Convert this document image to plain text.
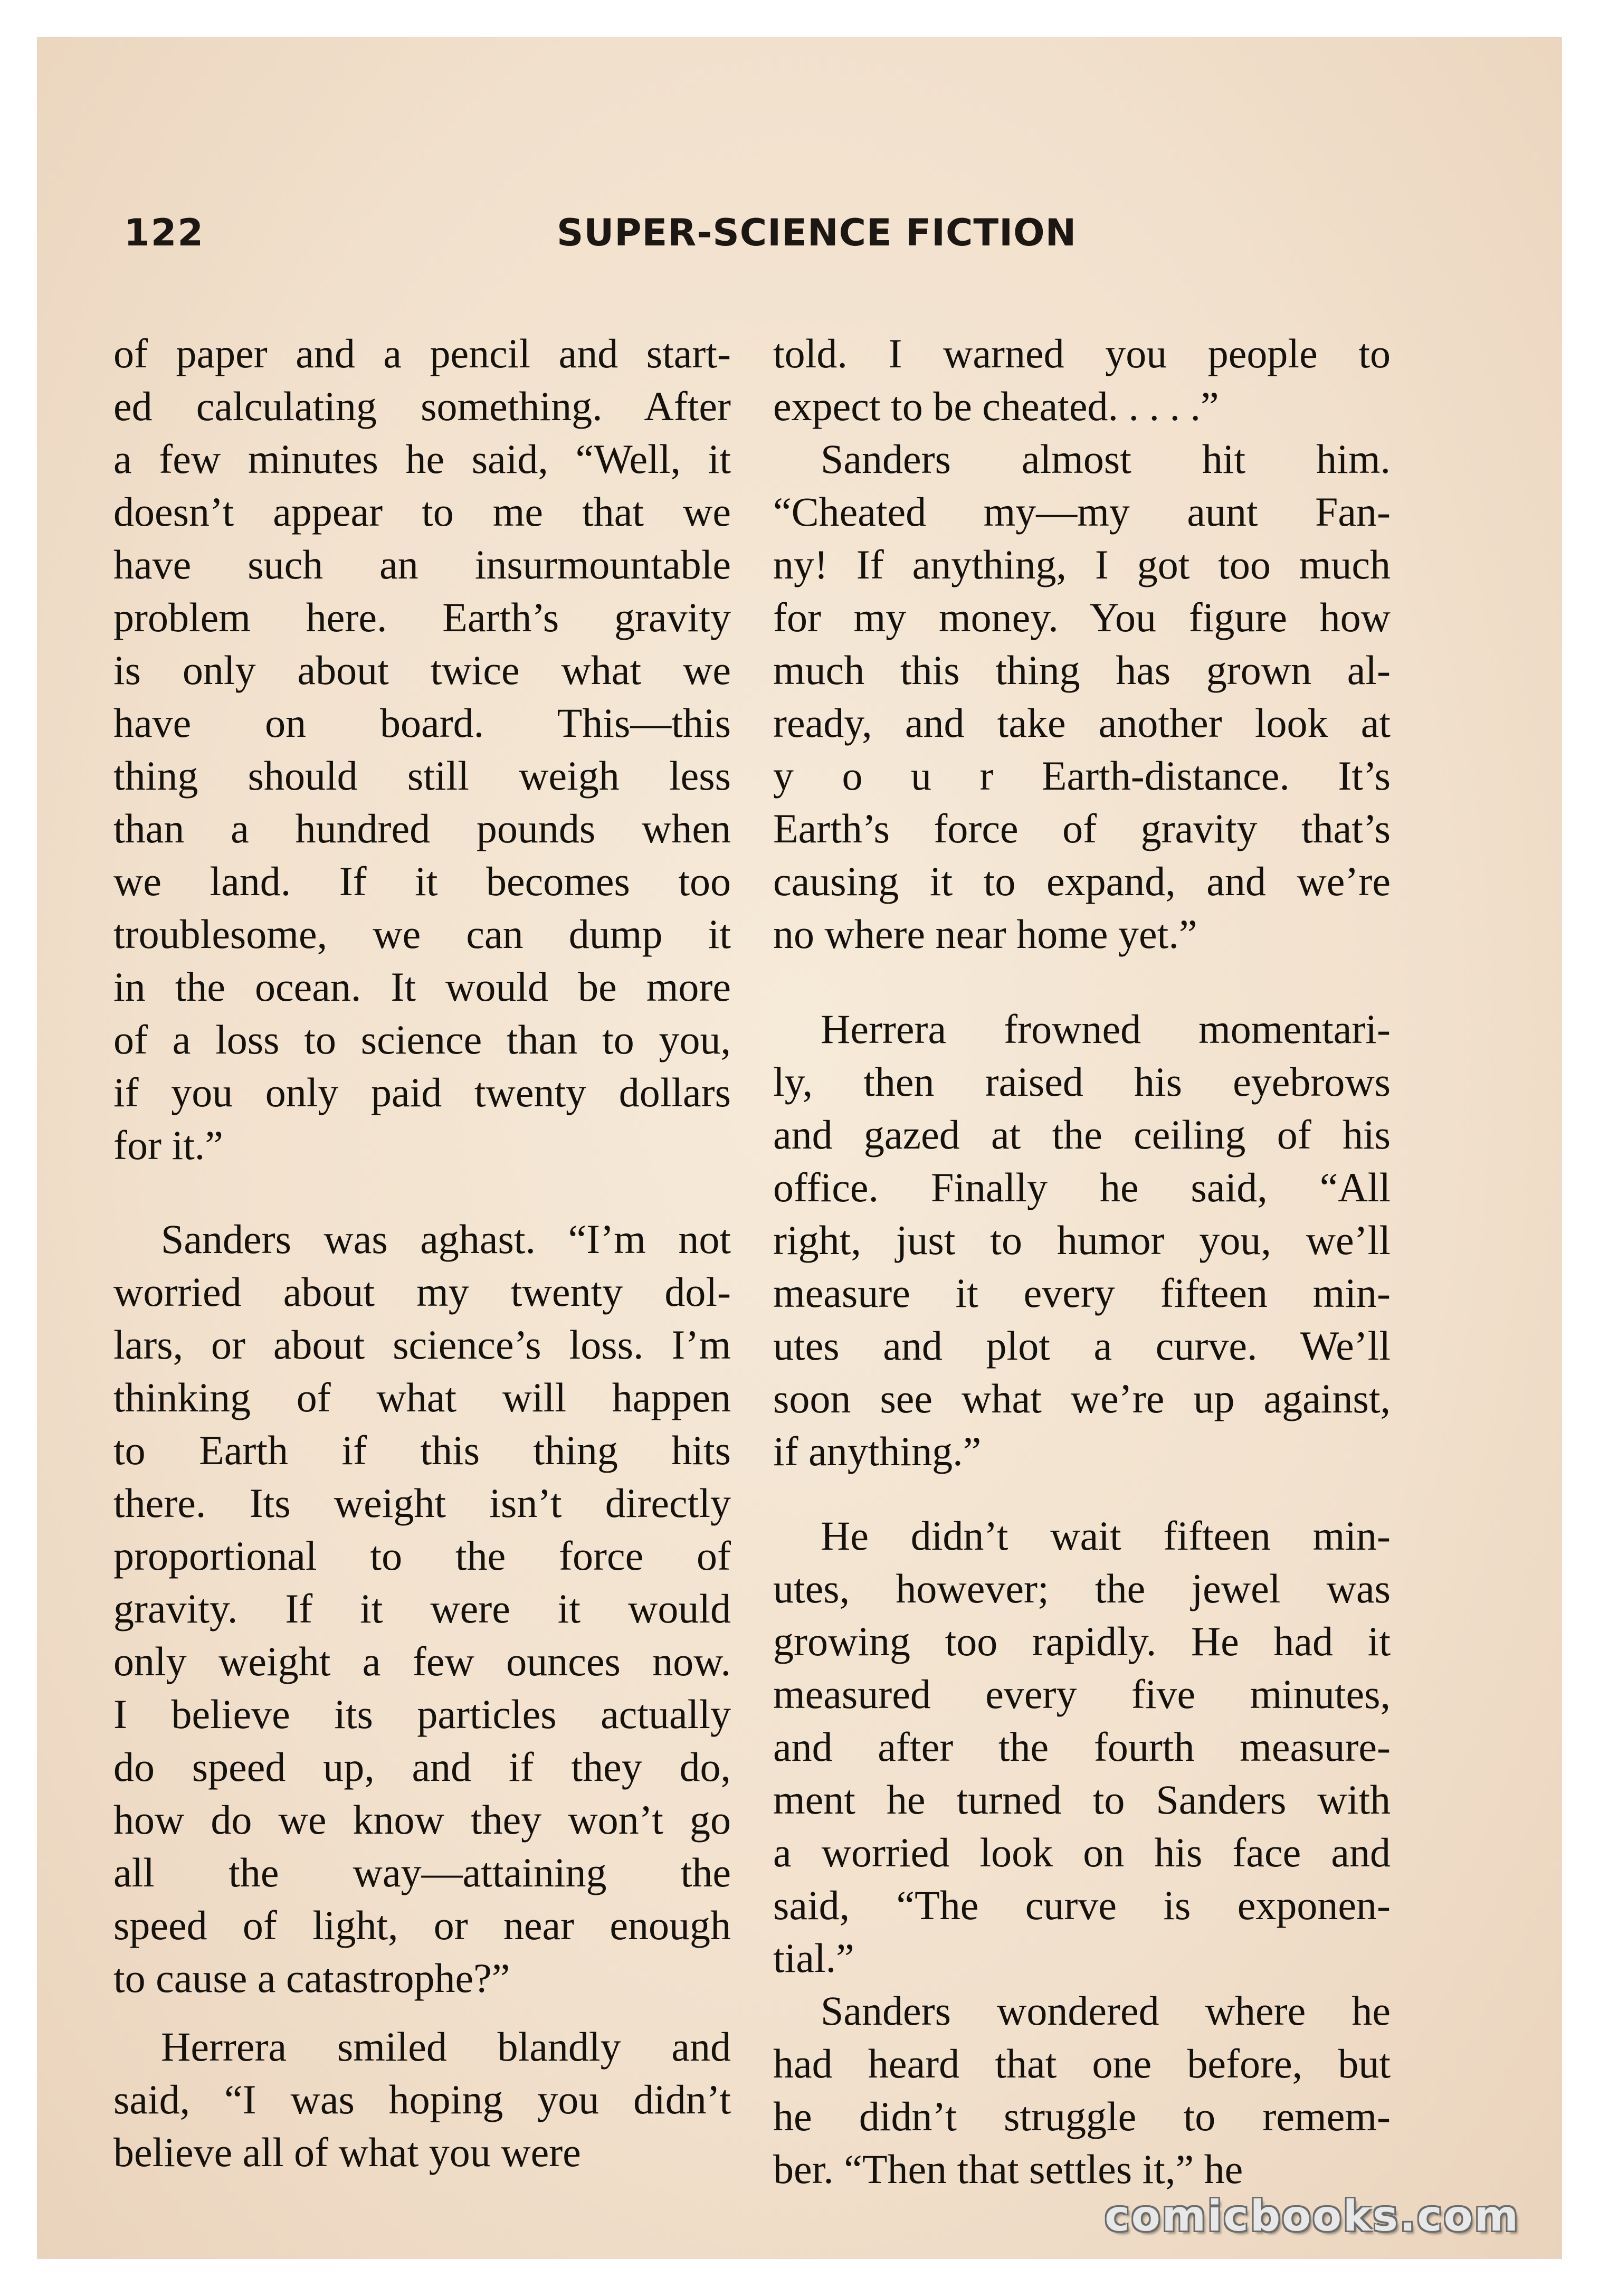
122	SUPER-SCIENCE FICTION

of paper and a pencil and start-
ed calculating something. After
a few minutes he said, “Well, it
doesn’t appear to me that we
have such an insurmountable
problem here. Earth’s gravity
is only about twice what we
have on board. This—this
thing should still weigh less
than a hundred pounds when
we land. If it becomes too
troublesome, we can dump it
in the ocean. It would be more
of a loss to science than to you,
if you only paid twenty dollars
for it.”

Sanders was aghast. “I’m not
worried about my twenty dol-
lars, or about science’s loss. I’m
thinking of what will happen
to Earth if this thing hits
there. Its weight isn’t directly
proportional to the force of
gravity. If it were it would
only weight a few ounces now.
I believe its particles actually
do speed up, and if they do,
how do we know they won’t go
all the way—attaining the
speed of light, or near enough
to cause a catastrophe?”

Herrera smiled blandly and
said, “I was hoping you didn’t
believe all of what you were

told. I warned you people to
expect to be cheated. . . . .”

Sanders almost hit him.
“Cheated my—my aunt Fan-
ny! If anything, I got too much
for my money. You figure how
much this thing has grown al-
ready, and take another look at
y o u r Earth-distance. It’s
Earth’s force of gravity that’s
causing it to expand, and we’re
no where near home yet.”

Herrera frowned momentari-
ly, then raised his eyebrows
and gazed at the ceiling of his
office. Finally he said, “All
right, just to humor you, we’ll
measure it every fifteen min-
utes and plot a curve. We’ll
soon see what we’re up against,
if anything.”

He didn’t wait fifteen min-
utes, however; the jewel was
growing too rapidly. He had it
measured every five minutes,
and after the fourth measure-
ment he turned to Sanders with
a worried look on his face and
said, “The curve is exponen-
tial.”

Sanders wondered where he
had heard that one before, but
he didn’t struggle to remem-
ber. “Then that settles it,” he

comicbooks.com
